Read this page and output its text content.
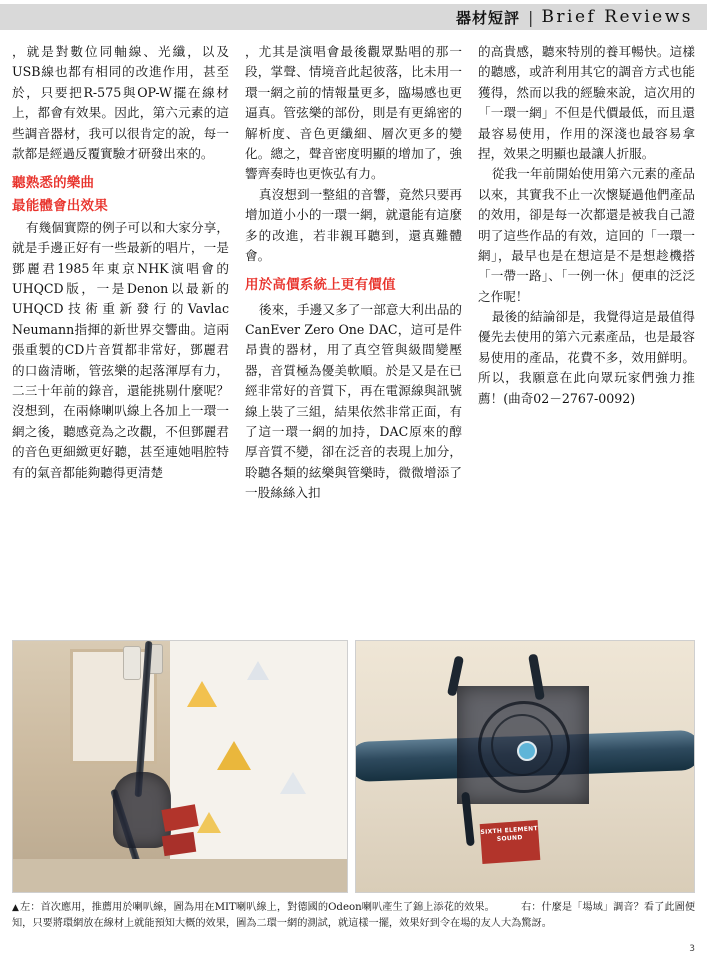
器材短評 | Brief Reviews

，就是對數位同軸線、光纖，以及USB線也都有相同的改進作用，甚至於，只要把R-575與OP-W擺在線材上，都會有效果。因此，第六元素的這些調音器材，我可以很肯定的說，每一款都是經過反覆實驗才研發出來的。

聽熟悉的樂曲
最能體會出效果

有幾個實際的例子可以和大家分享，就是手邊正好有一些最新的唱片，一是鄧麗君1985年東京NHK演唱會的UHQCD版，一是Denon以最新的UHQCD技術重新發行的Vavlac Neumann指揮的新世界交響曲。這兩張重製的CD片音質都非常好，鄧麗君的口齒清晰，管弦樂的起落渾厚有力，二三十年前的錄音，還能挑剔什麼呢？沒想到，在兩條喇叭線上各加上一環一網之後，聽感竟為之改觀，不但鄧麗君的音色更細緻更好聽，甚至連她唱腔特有的氣音都能夠聽得更清楚

，尤其是演唱會最後觀眾點唱的那一段，掌聲、情境音此起彼落，比未用一環一網之前的情報量更多，臨場感也更逼真。管弦樂的部份，則是有更綿密的解析度、音色更纖細、層次更多的變化。總之，聲音密度明顯的增加了，強響齊奏時也更恢弘有力。

真沒想到一整組的音響，竟然只要再增加道小小的一環一網，就還能有這麼多的改進，若非親耳聽到，還真難體會。

用於高價系統上更有價值

後來，手邊又多了一部意大利出品的CanEver Zero One DAC，這可是件昂貴的器材，用了真空管與級間變壓器，音質極為優美軟順。於是又是在已經非常好的音質下，再在電源線與訊號線上裝了三組，結果依然非常正面，有了這一環一網的加持，DAC原來的醇厚音質不變，卻在泛音的表現上加分，聆聽各類的絃樂與管樂時，微微增添了一股絲絲入扣

的高貴感，聽來特別的養耳暢快。這樣的聽感，或許利用其它的調音方式也能獲得，然而以我的經驗來說，這次用的「一環一網」不但是代價最低，而且還最容易使用，作用的深淺也最容易拿捏，效果之明顯也最讓人折服。

從我一年前開始使用第六元素的產品以來，其實我不止一次懷疑過他們產品的效用，卻是每一次都還是被我自己證明了這些作品的有效，這回的「一環一網」，最早也是在想這是不是想趁機搭「一帶一路」、「一例一休」便車的泛泛之作呢！

最後的結論卻是，我覺得這是最值得優先去使用的第六元素產品，也是最容易使用的產品，花費不多，效用鮮明。所以，我願意在此向眾玩家們強力推薦！(曲奇02－2767-0092)

SIXTH ELEMENT SOUND
▲左：首次應用，推薦用於喇叭線，圖為用在MIT喇叭線上，對德國的Odeon喇叭產生了錦上添花的效果。	右：什麼是「場域」調音？看了此圖便知，只要將環網放在線材上就能預知大概的效果，圖為二環一網的測試，就這樣一擺，效果好到令在場的友人大為驚訝。
3
